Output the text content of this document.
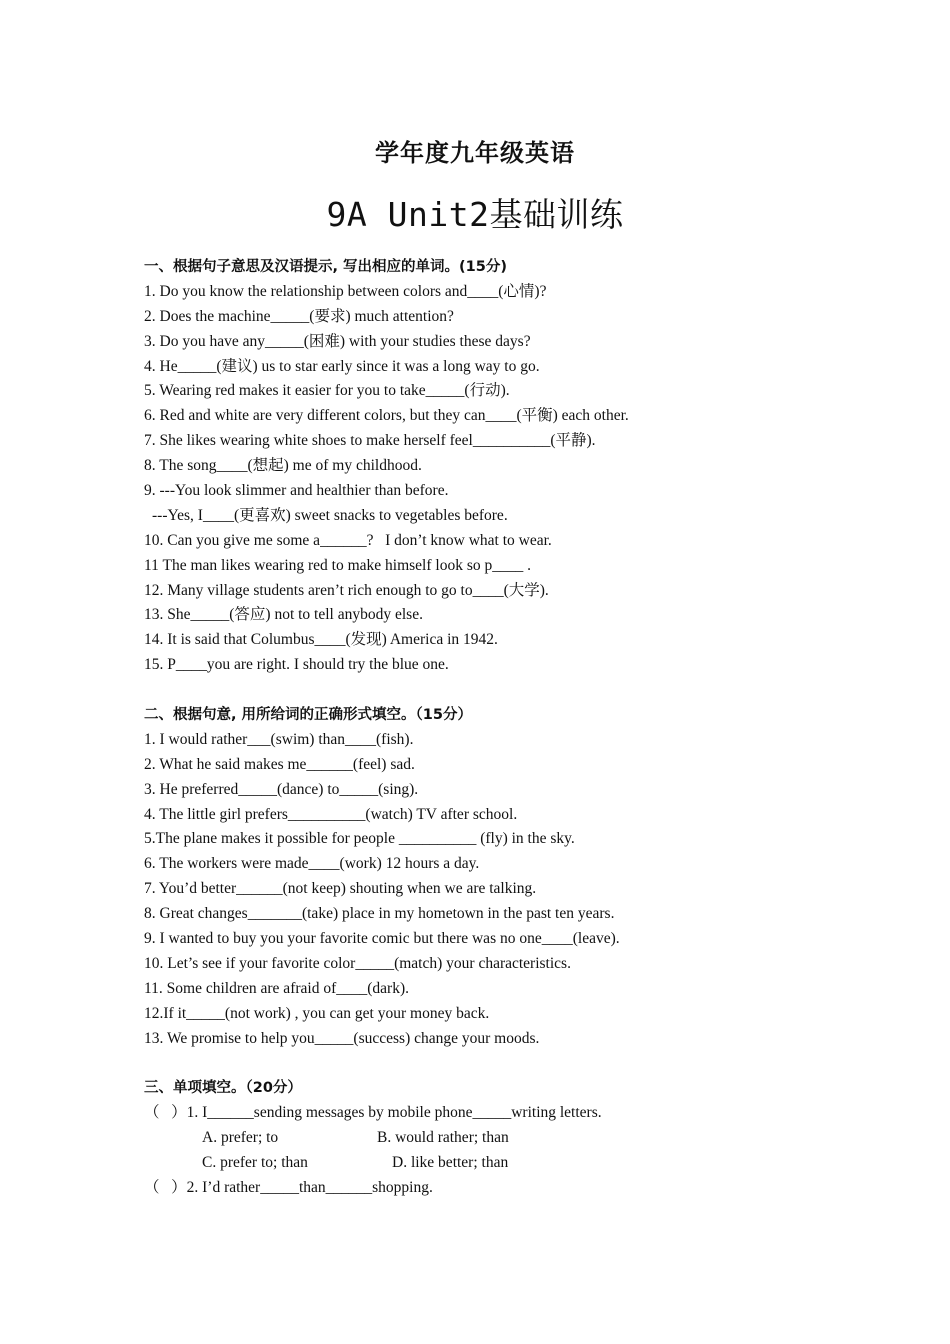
学年度九年级英语
9A Unit2基础训练
一、根据句子意思及汉语提示, 写出相应的单词。(15分)
1. Do you know the relationship between colors and____(心情)?
2. Does the machine_____(要求) much attention?
3. Do you have any_____(困难) with your studies these days?
4. He_____(建议) us to star early since it was a long way to go.
5. Wearing red makes it easier for you to take_____(行动).
6. Red and white are very different colors, but they can____(平衡) each other.
7. She likes wearing white shoes to make herself feel__________(平静).
8. The song____(想起) me of my childhood.
9. ---You look slimmer and healthier than before.
---Yes, I____(更喜欢) sweet snacks to vegetables before.
10. Can you give me some a______?   I don’t know what to wear.
11 The man likes wearing red to make himself look so p____ .
12. Many village students aren’t rich enough to go to____(大学).
13. She_____(答应) not to tell anybody else.
14. It is said that Columbus____(发现) America in 1942.
15. P____you are right. I should try the blue one.
二、根据句意, 用所给词的正确形式填空。（15分）
1. I would rather___(swim) than____(fish).
2. What he said makes me______(feel) sad.
3. He preferred_____(dance) to_____(sing).
4. The little girl prefers__________(watch) TV after school.
5.The plane makes it possible for people __________ (fly) in the sky.
6. The workers were made____(work) 12 hours a day.
7. You’d better______(not keep) shouting when we are talking.
8. Great changes_______(take) place in my hometown in the past ten years.
9. I wanted to buy you your favorite comic but there was no one____(leave).
10. Let’s see if your favorite color_____(match) your characteristics.
11. Some children are afraid of____(dark).
12.If it_____(not work) , you can get your money back.
13. We promise to help you_____(success) change your moods.
三、单项填空。（20分）
（   ）1. I______sending messages by mobile phone_____writing letters.
A. prefer; to	B. would rather; than
C. prefer to; than	D. like better; than
（   ）2. I’d rather_____than______shopping.
